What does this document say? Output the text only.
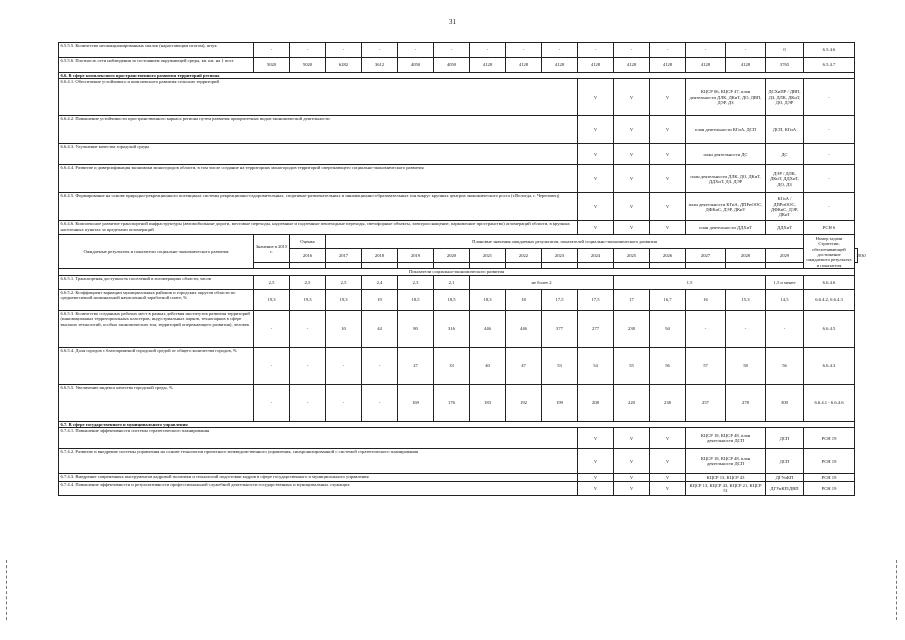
31
6.5.5.5. Количество несанкционированных свалок (нарастающим итогом), штук	-	-	-	-	-	-	-	-	-	-	-	-	-	-	0	6.5.4.6	
6.5.5.6. Плотность сети наблюдения за состоянием окружающей среды, кв. км. на 1 пост	5020	5020	6282	3612	4050	4050	4128	4128	4128	4128	4128	4128	4128	4128	3765	6.5.4.7	
6.6. В сфере комплексного пространственного развития территорий региона																	
6.6.4.1. Обеспечение устойчивого и комплексного развития сельских территорий										V	V	V	КЦСР 06, КЦСР 47, план деятельности ДЛК, ДКиТ, ДО, ДВП, ДЭР, ДЗ		ДСХиПР / ДВП, ДЗ, ДЛК, ДКиТ, ДО, ДЭР	-	
6.6.4.2. Повышение устойчивости пространственного каркаса региона путем развития приоритетных видов экономической деятельности										V	V	V	план деятельности КГиА, ДСП		ДСП, КГиА	-	
6.6.4.3. Улучшение качества городской среды										V	V	V	план деятельности ДС		ДС	-	
6.6.4.4. Развитие и диверсификация экономики моногородов области, в том числе создание на территориях моногородов территорий опережающего социально-экономического развития										V	V	V	план деятельности ДЛК, ДО, ДКиТ, ДДХиТ, ДЗ, ДЭР		ДЭР / ДЛК, ДКиТ, ДДХиТ, ДО, ДЗ	-	
6.6.4.5. Формирование на основе природно-рекреационного потенциала системы рекреационно-оздоровительных, спортивно-развлекательных и инновационно-образовательных зон вокруг крупных центров экономического роста (г.Вологда, г. Череповец)										V	V	V	план деятельности КГиА, ДПРиООС, ДФКиС, ДЭР, ДКиТ		КГиА / ДПРиООС, ДФКиС, ДЭР, ДКиТ	-	
6.6.4.6. Комплексное развитие транспортной инфраструктуры (автомобильные дороги, местовые переходы, надземные и подземные пешеходные переходы, светофорные объекты, электрооснащение, парковочное пространство) агломераций области, в крупных населенных пунктах за пределами агломераций										V	V	V	план деятельности ДДХиТ		ДДХиТ	РСН 6	
Ожидаемые результаты и показатели социально-экономического развития	Значение в 2015 г.	Оценка	Плановые значения ожидаемых результатов, показателей социально-экономического развития													Номер задачи Стратегии, обеспечивающей достижение ожидаемого результата и показателя	
		2016	2017	2018	2019	2020	2021	2022	2023	2024	2025	2026	2027	2028	2029		2030

Показатели социально-экономического развития																	
6.6.5.1. Транспортная доступность поселений в агломерациях области, часов	2,5	2,5	2,5	2,4	2,3	2,1	не более 2				1,5				1,5 и менее	6.6.4.6	
6.6.5.2. Коэффициент вариации муниципальных районов и городских округов области по среднемесячной номинальной начисленной заработной плате, %	19,3	19,3	19,3	19	18,5	18,5	18,3	18	17,5	17,5	17	16,7	16	15,3	14,5	6.6.4.2, 6.6.4.3	
6.6.5.3. Количество созданных рабочих мест в рамках действия институтов развития территорий (инновационных территориальных кластеров, индустриальных парков, технопарков в сфере высоких технологий, особых экономических зон, территорий опережающего развития), человек	-	-	10	44	80	316	446	446	377	277	238	94	-	-	-	6.6.4.5	
6.6.5.4. Доля городов с благоприятной городской средой от общего количества городов, %	-	-	-	-	27	33	40	47	53	54	55	56	57	58	56	6.6.4.3	
6.6.5.5. Увеличение индекса качества городской среды, %	-	-	-	-	169	176	183	192	199	208	220	238	257	278	300	6.6.4.1 - 6.6.4.6	
6.7. В сфере государственного и муниципального управления																	
6.7.4.1. Повышение эффективности системы стратегического планирования										V	V	V	КЦСР 18, КЦСР 48, план деятельности ДСП		ДСП	РСН 19	
6.7.4.2. Развитие и внедрение системы управления на основе технологии проектного межведомственного управления, синхронизированной с системой стратегического планирования										V	V	V	КЦСР 18, КЦСР 48, план деятельности ДСП		ДСП	РСН 19	
6.7.4.3. Внедрение современных инструментов кадровой политики и технологий подготовки кадров в сфере государственного и муниципального управления										V	V	V	КЦСР 13, КЦСР 43		ДГУиКП	РСН 19	
6.7.4.4. Повышение эффективности и результативности профессиональной служебной деятельности государственных и муниципальных служащих										V	V	V	КЦСР 13, КЦСР 43, КЦСР 21, КЦСР 51		ДГУиКП/ДВП	РСН 19	
